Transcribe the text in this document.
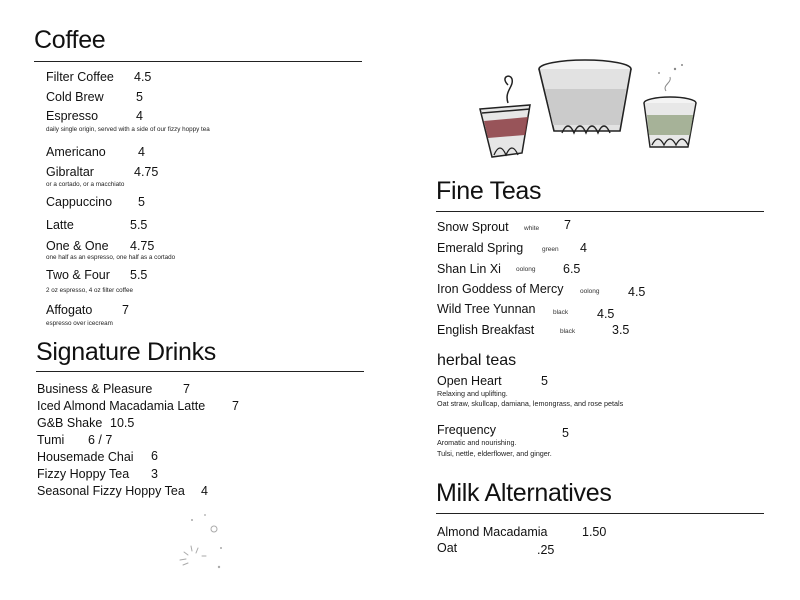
Coffee
Filter Coffee 4.5
Cold Brew	5
Espresso	4
daily single origin, served with a side of our fizzy hoppy tea
Americano	4
Gibraltar	4.75
or a cortado, or a macchiato
Cappuccino 5
Latte	5.5
One & One 4.75
one half as an espresso, one half as a cortado
Two & Four 5.5
2 oz espresso, 4 oz filter coffee
Affogato 7
espresso over icecream
Signature Drinks
Business & Pleasure 7
Iced Almond Macadamia Latte 7
G&B Shake 10.5
Tumi 6 / 7
Housemade Chai 6
Fizzy Hoppy Tea 3
Seasonal Fizzy Hoppy Tea 4
Fine Teas
Snow Sprout white 7
Emerald Spring	green 4
Shan Lin Xi oolong 6.5
Iron Goddess of Mercy	oolong 4.5
Wild Tree Yunnan	black 4.5
English Breakfast	black	3.5
herbal teas
Open Heart	5
Relaxing and uplifting.
Oat straw, skullcap, damiana, lemongrass, and rose petals
Frequency	5
Aromatic and nourishing.
Tulsi, nettle, elderflower, and ginger.
Milk Alternatives
Almond Macadamia	1.50
Oat	.25
